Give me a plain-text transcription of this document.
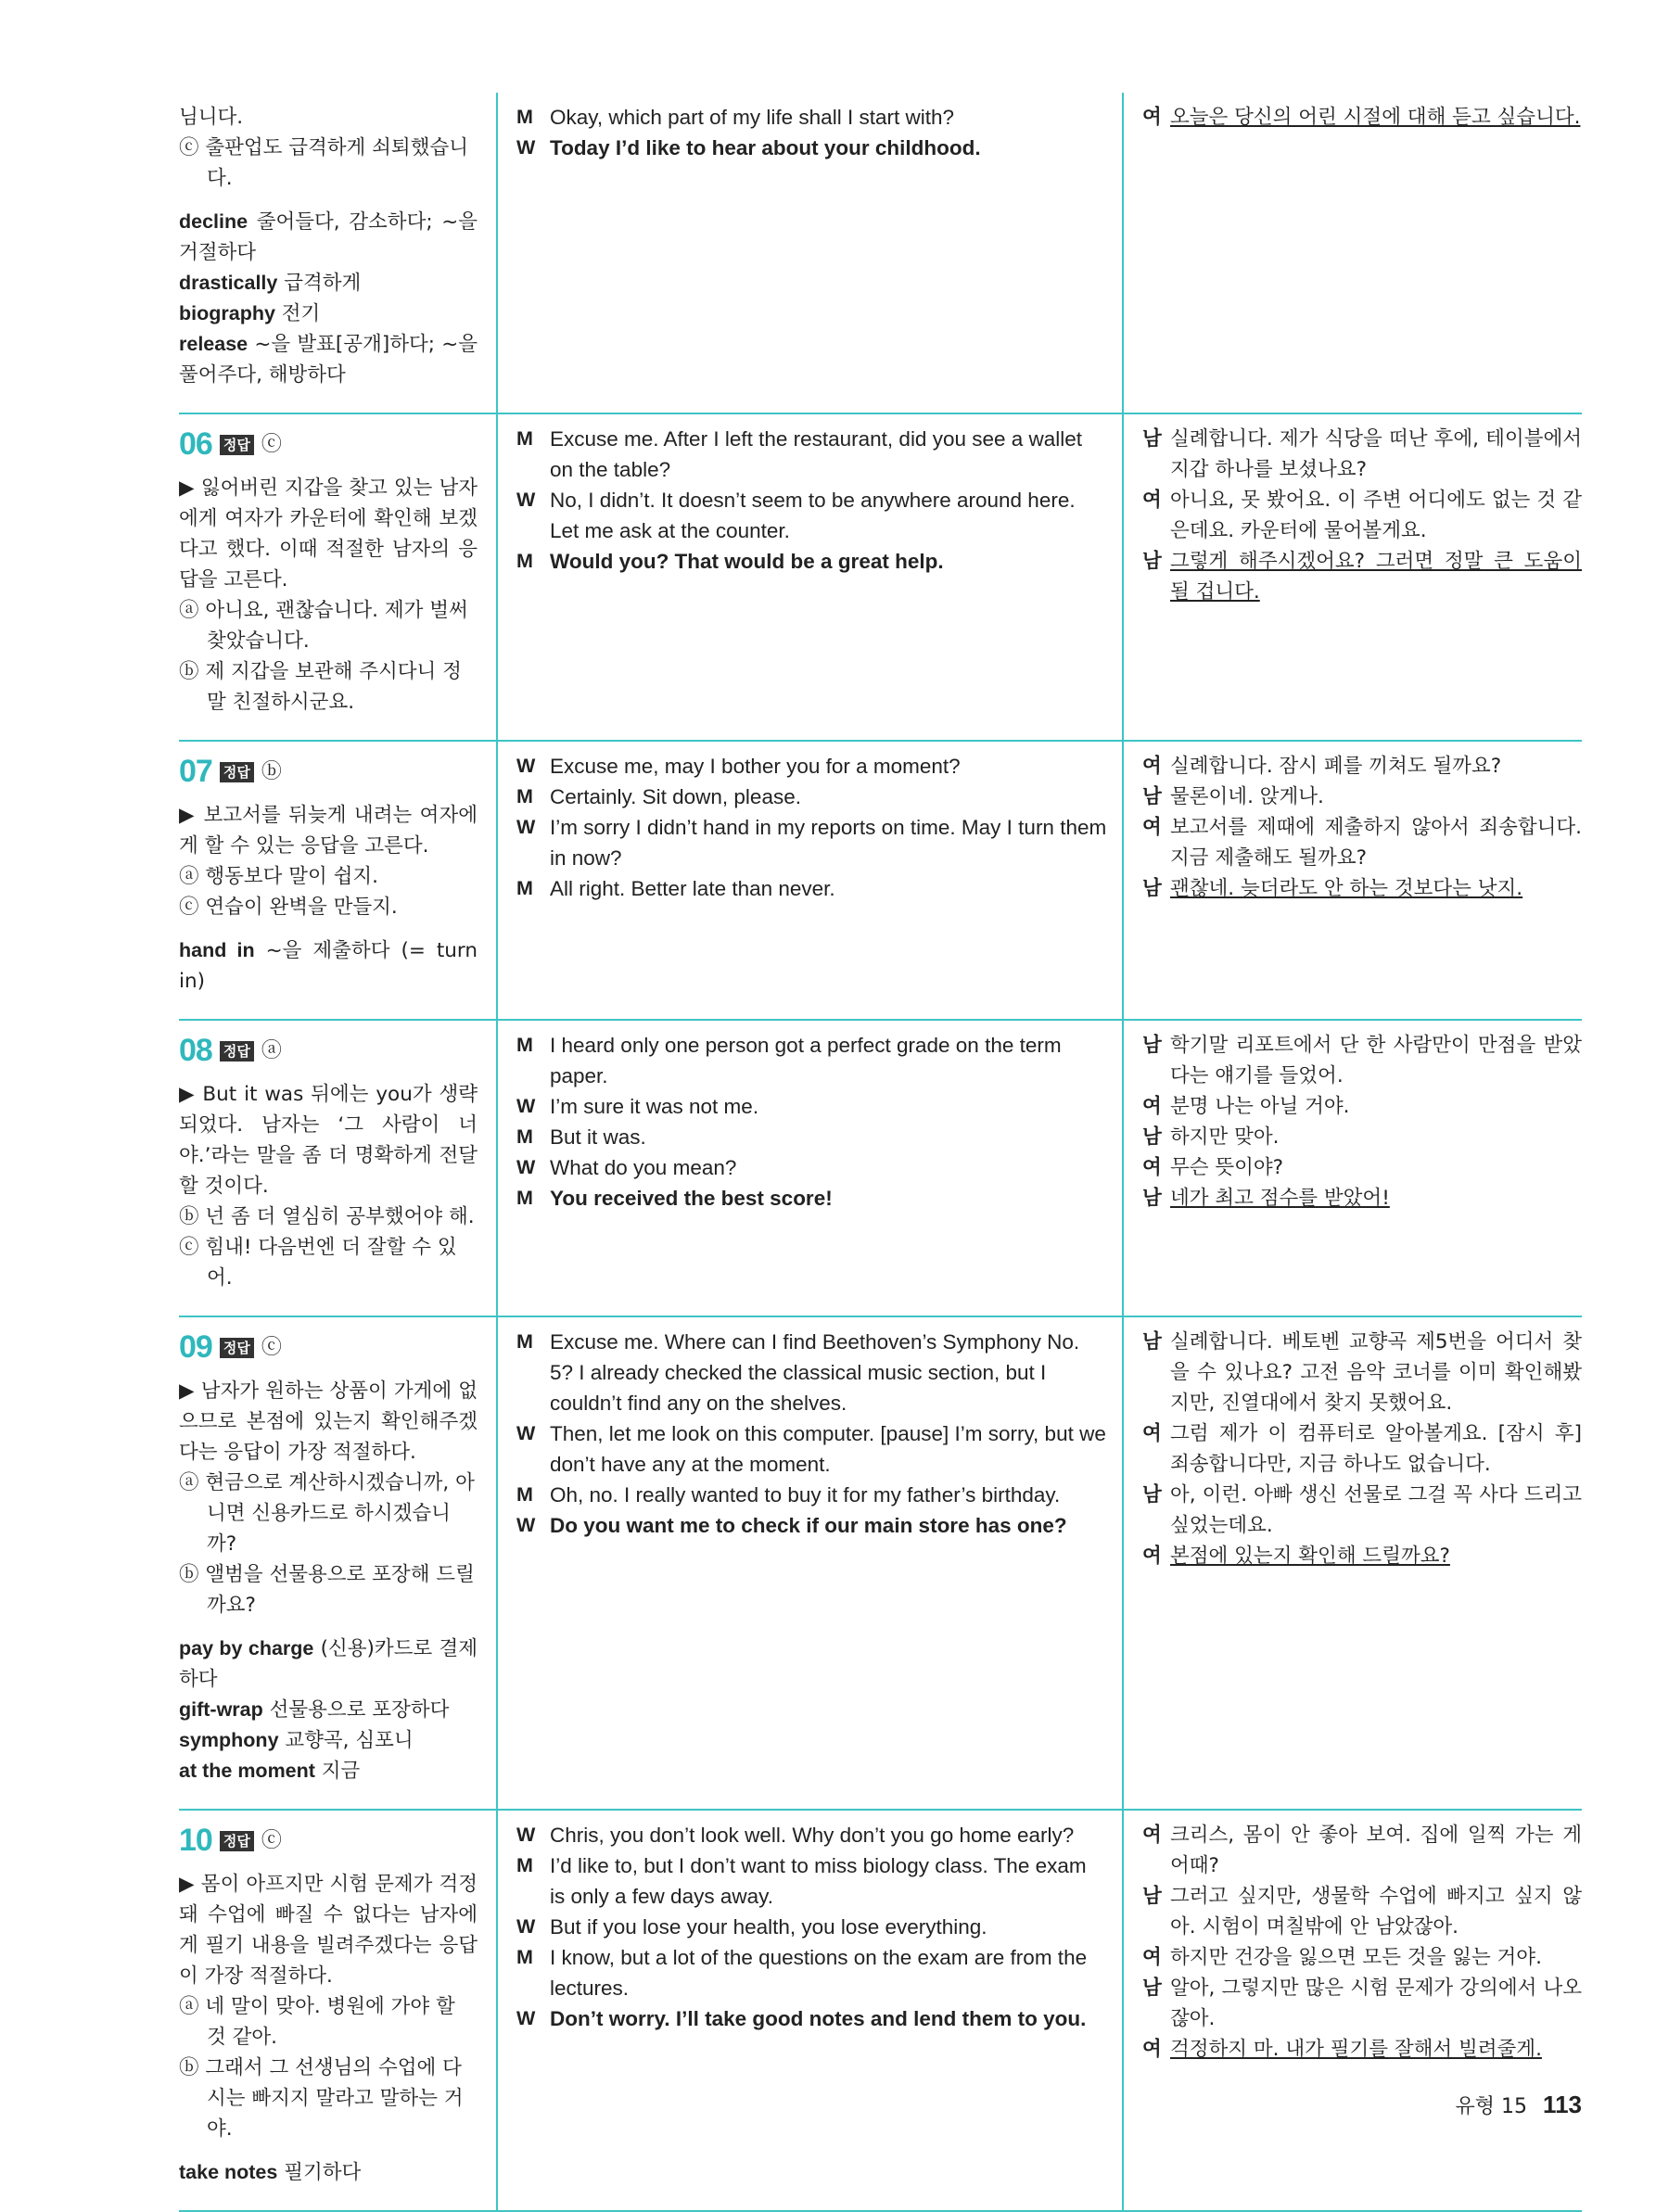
님니다.

ⓒ 출판업도 급격하게 쇠퇴했습니다.

decline 줄어들다, 감소하다; ~을 거절하다

drastically 급격하게

biography 전기

release ~을 발표[공개]하다; ~을 풀어주다, 해방하다

M Okay, which part of my life shall I start with?
W Today I’d like to hear about your childhood.
여 오늘은 당신의 어린 시절에 대해 듣고 싶습니다.
06 정답 ⓒ

▶ 잃어버린 지갑을 찾고 있는 남자에게 여자가 카운터에 확인해 보겠다고 했다. 이때 적절한 남자의 응답을 고른다.

ⓐ 아니요, 괜찮습니다. 제가 벌써 찾았습니다.

ⓑ 제 지갑을 보관해 주시다니 정말 친절하시군요.

M Excuse me. After I left the restaurant, did you see a wallet on the table?
W No, I didn’t. It doesn’t seem to be anywhere around here. Let me ask at the counter.
M Would you? That would be a great help.
남 실례합니다. 제가 식당을 떠난 후에, 테이블에서 지갑 하나를 보셨나요?
여 아니요, 못 봤어요. 이 주변 어디에도 없는 것 같은데요. 카운터에 물어볼게요.
남 그렇게 해주시겠어요? 그러면 정말 큰 도움이 될 겁니다.
07 정답 ⓑ

▶ 보고서를 뒤늦게 내려는 여자에게 할 수 있는 응답을 고른다.

ⓐ 행동보다 말이 쉽지.

ⓒ 연습이 완벽을 만들지.

hand in ~을 제출하다 (= turn in)

W Excuse me, may I bother you for a moment?
M Certainly. Sit down, please.
W I’m sorry I didn’t hand in my reports on time. May I turn them in now?
M All right. Better late than never.
여 실례합니다. 잠시 폐를 끼쳐도 될까요?
남 물론이네. 앉게나.
여 보고서를 제때에 제출하지 않아서 죄송합니다. 지금 제출해도 될까요?
남 괜찮네. 늦더라도 안 하는 것보다는 낫지.
08 정답 ⓐ

▶ But it was 뒤에는 you가 생략되었다. 남자는 ‘그 사람이 너야.’라는 말을 좀 더 명확하게 전달할 것이다.

ⓑ 넌 좀 더 열심히 공부했어야 해.

ⓒ 힘내! 다음번엔 더 잘할 수 있어.

M I heard only one person got a perfect grade on the term paper.
W I’m sure it was not me.
M But it was.
W What do you mean?
M You received the best score!
남 학기말 리포트에서 단 한 사람만이 만점을 받았다는 얘기를 들었어.
여 분명 나는 아닐 거야.
남 하지만 맞아.
여 무슨 뜻이야?
남 네가 최고 점수를 받았어!
09 정답 ⓒ

▶ 남자가 원하는 상품이 가게에 없으므로 본점에 있는지 확인해주겠다는 응답이 가장 적절하다.

ⓐ 현금으로 계산하시겠습니까, 아니면 신용카드로 하시겠습니까?

ⓑ 앨범을 선물용으로 포장해 드릴까요?

pay by charge (신용)카드로 결제하다

gift-wrap 선물용으로 포장하다

symphony 교향곡, 심포니

at the moment 지금

M Excuse me. Where can I find Beethoven’s Symphony No. 5? I already checked the classical music section, but I couldn’t find any on the shelves.
W Then, let me look on this computer. [pause] I’m sorry, but we don’t have any at the moment.
M Oh, no. I really wanted to buy it for my father’s birthday.
W Do you want me to check if our main store has one?
남 실례합니다. 베토벤 교향곡 제5번을 어디서 찾을 수 있나요? 고전 음악 코너를 이미 확인해봤지만, 진열대에서 찾지 못했어요.
여 그럼 제가 이 컴퓨터로 알아볼게요. [잠시 후] 죄송합니다만, 지금 하나도 없습니다.
남 아, 이런. 아빠 생신 선물로 그걸 꼭 사다 드리고 싶었는데요.
여 본점에 있는지 확인해 드릴까요?
10 정답 ⓒ

▶ 몸이 아프지만 시험 문제가 걱정돼 수업에 빠질 수 없다는 남자에게 필기 내용을 빌려주겠다는 응답이 가장 적절하다.

ⓐ 네 말이 맞아. 병원에 가야 할 것 같아.

ⓑ 그래서 그 선생님의 수업에 다시는 빠지지 말라고 말하는 거야.

take notes 필기하다

W Chris, you don’t look well. Why don’t you go home early?
M I’d like to, but I don’t want to miss biology class. The exam is only a few days away.
W But if you lose your health, you lose everything.
M I know, but a lot of the questions on the exam are from the lectures.
W Don’t worry. I’ll take good notes and lend them to you.
여 크리스, 몸이 안 좋아 보여. 집에 일찍 가는 게 어때?
남 그러고 싶지만, 생물학 수업에 빠지고 싶지 않아. 시험이 며칠밖에 안 남았잖아.
여 하지만 건강을 잃으면 모든 것을 잃는 거야.
남 알아, 그렇지만 많은 시험 문제가 강의에서 나오잖아.
여 걱정하지 마. 내가 필기를 잘해서 빌려줄게.
유형 15 113
